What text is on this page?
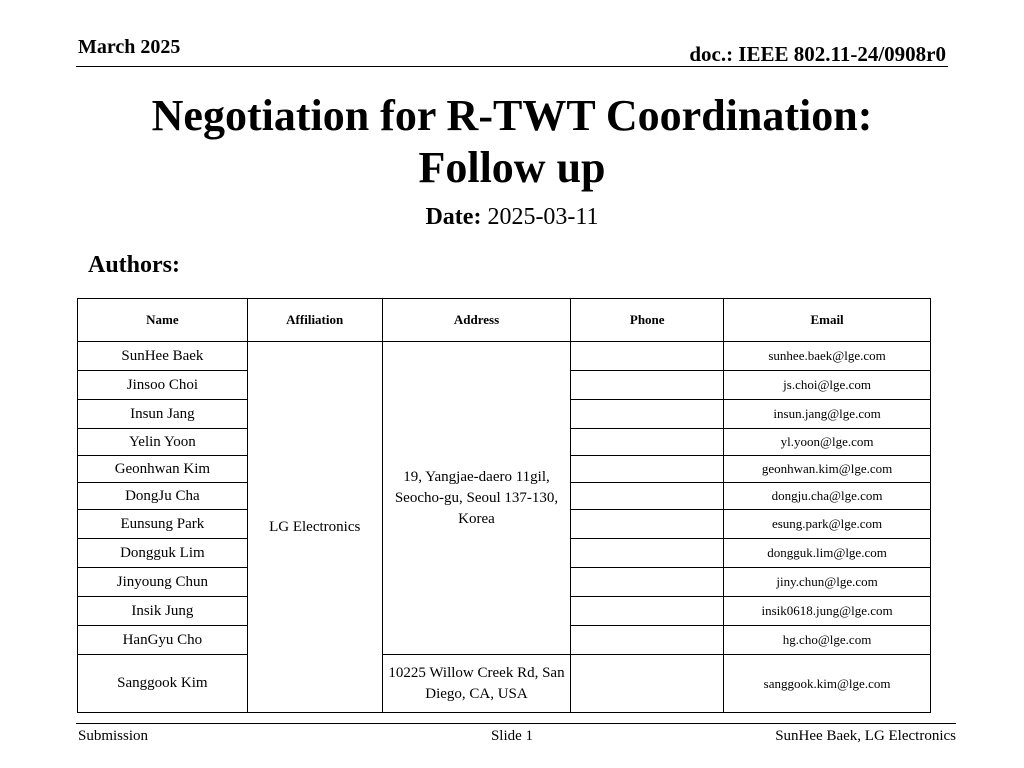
March 2025	doc.: IEEE 802.11-24/0908r0
Negotiation for R-TWT Coordination:
Follow up
Date: 2025-03-11
Authors:
Name	Affiliation	Address	Phone	Email
SunHee Baek	LG Electronics	19, Yangjae-daero 11gil, Seocho-gu, Seoul 137-130, Korea		sunhee.baek@lge.com
Jinsoo Choi				js.choi@lge.com
Insun Jang				insun.jang@lge.com
Yelin Yoon				yl.yoon@lge.com
Geonhwan Kim				geonhwan.kim@lge.com
DongJu Cha				dongju.cha@lge.com
Eunsung Park				esung.park@lge.com
Dongguk Lim				dongguk.lim@lge.com
Jinyoung Chun				jiny.chun@lge.com
Insik Jung				insik0618.jung@lge.com
HanGyu Cho				hg.cho@lge.com
Sanggook Kim		10225 Willow Creek Rd, San Diego, CA, USA		sanggook.kim@lge.com
Submission	Slide 1	SunHee Baek, LG Electronics
